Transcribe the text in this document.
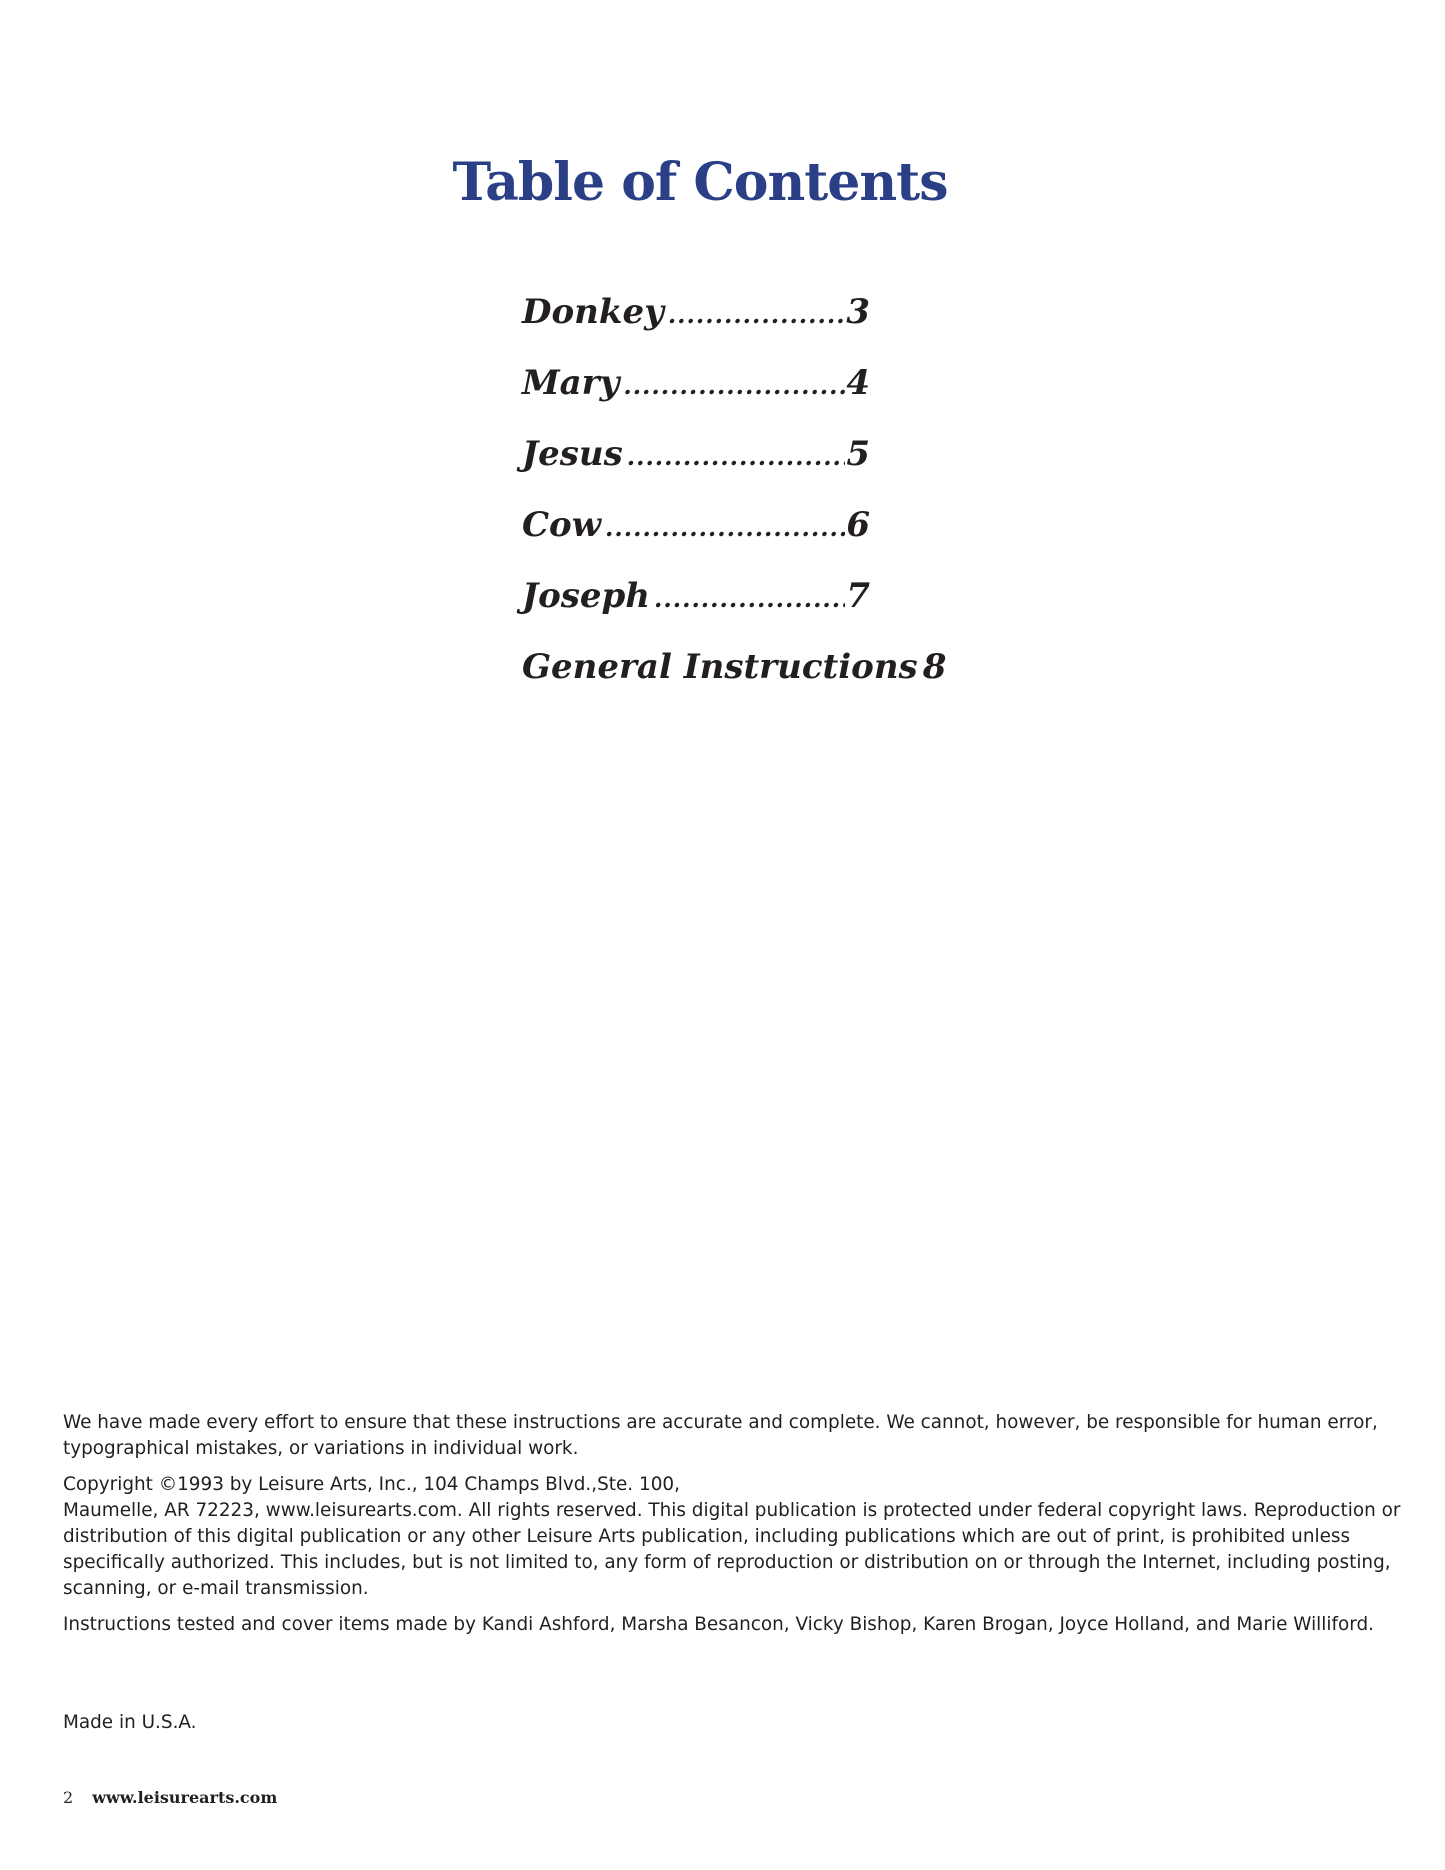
Table of Contents
Donkey .....	3
Mary .....	4
Jesus .....	5
Cow .....	6
Joseph .....	7
General Instructions 8

We have made every effort to ensure that these instructions are accurate and complete. We cannot, however, be responsible for human error, typographical mistakes, or variations in individual work.

Copyright ©1993 by Leisure Arts, Inc., 104 Champs Blvd.,Ste. 100,
Maumelle, AR 72223, www.leisurearts.com. All rights reserved. This digital publication is protected under federal copyright laws. Reproduction or distribution of this digital publication or any other Leisure Arts publication, including publications which are out of print, is prohibited unless specifically authorized. This includes, but is not limited to, any form of reproduction or distribution on or through the Internet, including posting, scanning, or e-mail transmission.

Instructions tested and cover items made by Kandi Ashford, Marsha Besancon, Vicky Bishop, Karen Brogan, Joyce Holland, and Marie Williford.

Made in U.S.A.
2 www.leisurearts.com
